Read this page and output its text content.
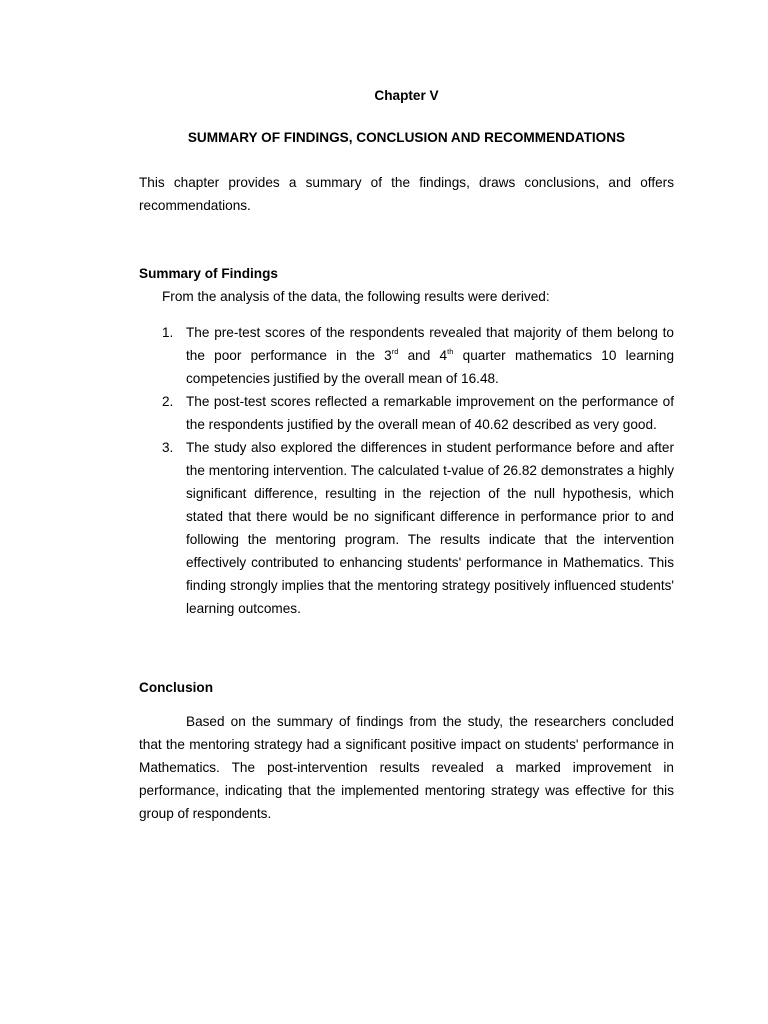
Chapter V
SUMMARY OF FINDINGS, CONCLUSION AND RECOMMENDATIONS

This chapter provides a summary of the findings, draws conclusions, and offers recommendations.

Summary of Findings

From the analysis of the data, the following results were derived:

1. The pre-test scores of the respondents revealed that majority of them belong to the poor performance in the 3rd and 4th quarter mathematics 10 learning competencies justified by the overall mean of 16.48.
2. The post-test scores reflected a remarkable improvement on the performance of the respondents justified by the overall mean of 40.62 described as very good.
3. The study also explored the differences in student performance before and after the mentoring intervention. The calculated t-value of 26.82 demonstrates a highly significant difference, resulting in the rejection of the null hypothesis, which stated that there would be no significant difference in performance prior to and following the mentoring program. The results indicate that the intervention effectively contributed to enhancing students' performance in Mathematics. This finding strongly implies that the mentoring strategy positively influenced students' learning outcomes.

Conclusion

Based on the summary of findings from the study, the researchers concluded that the mentoring strategy had a significant positive impact on students' performance in Mathematics. The post-intervention results revealed a marked improvement in performance, indicating that the implemented mentoring strategy was effective for this group of respondents.
